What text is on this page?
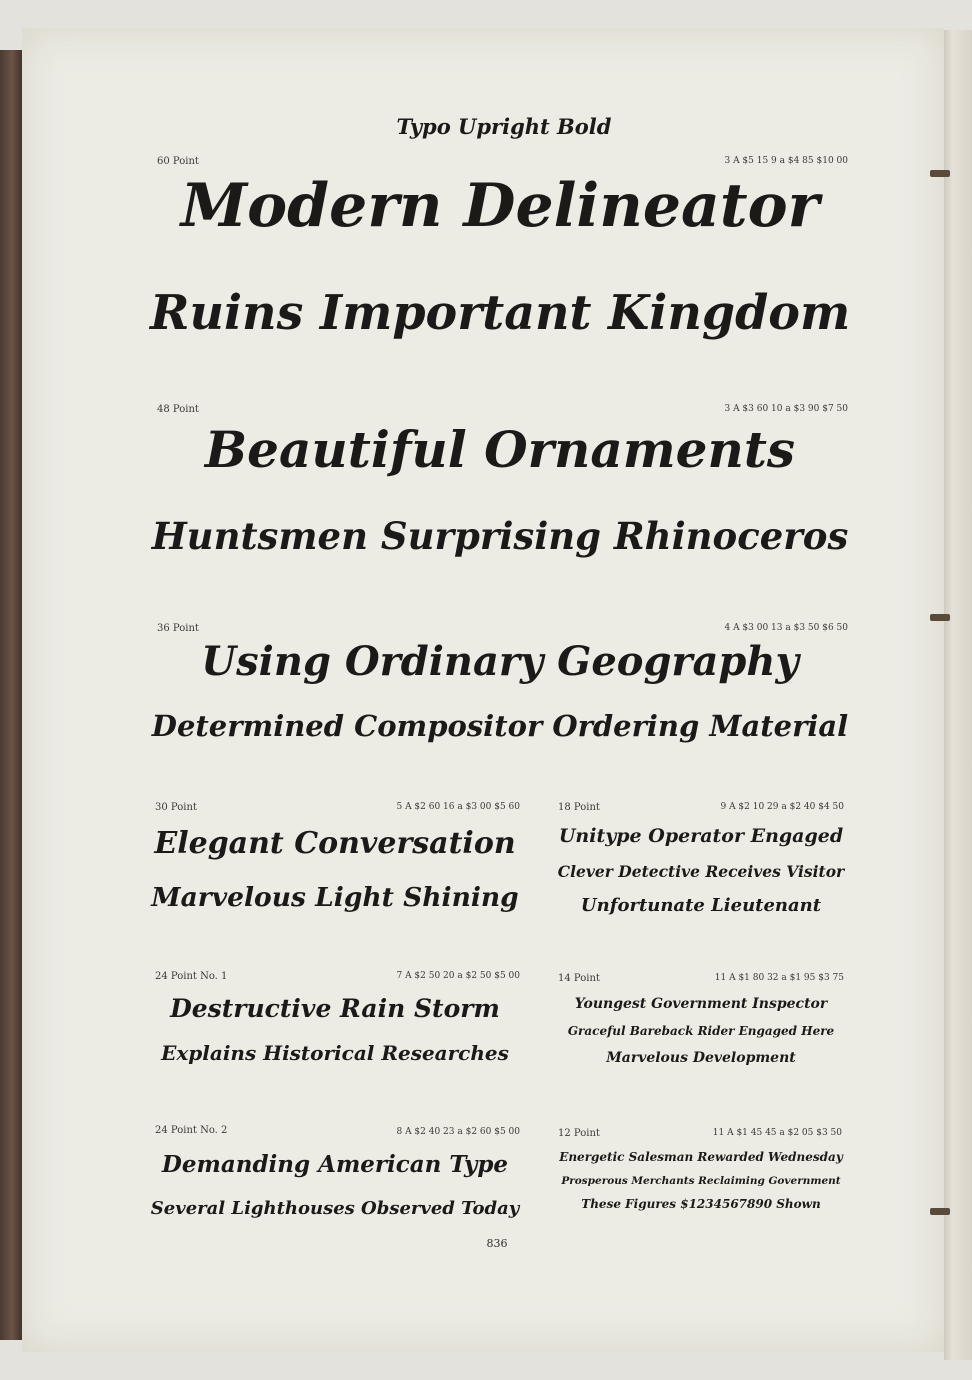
Typo Upright Bold
60 Point	3 A $5 15 9 a $4 85 $10 00
Modern Delineator
Ruins Important Kingdom
48 Point	3 A $3 60 10 a $3 90 $7 50
Beautiful Ornaments
Huntsmen Surprising Rhinoceros
36 Point	4 A $3 00 13 a $3 50 $6 50
Using Ordinary Geography
Determined Compositor Ordering Material
30 Point	5 A $2 60 16 a $3 00 $5 60
Elegant Conversation
Marvelous Light Shining
18 Point	9 A $2 10 29 a $2 40 $4 50
Unitype Operator Engaged
Clever Detective Receives Visitor
Unfortunate Lieutenant
24 Point No. 1	7 A $2 50 20 a $2 50 $5 00
Destructive Rain Storm
Explains Historical Researches
14 Point	11 A $1 80 32 a $1 95 $3 75
Youngest Government Inspector
Graceful Bareback Rider Engaged Here
Marvelous Development
24 Point No. 2	8 A $2 40 23 a $2 60 $5 00
Demanding American Type
Several Lighthouses Observed Today
12 Point	11 A $1 45 45 a $2 05 $3 50
Energetic Salesman Rewarded Wednesday
Prosperous Merchants Reclaiming Government
These Figures $1234567890 Shown
836
